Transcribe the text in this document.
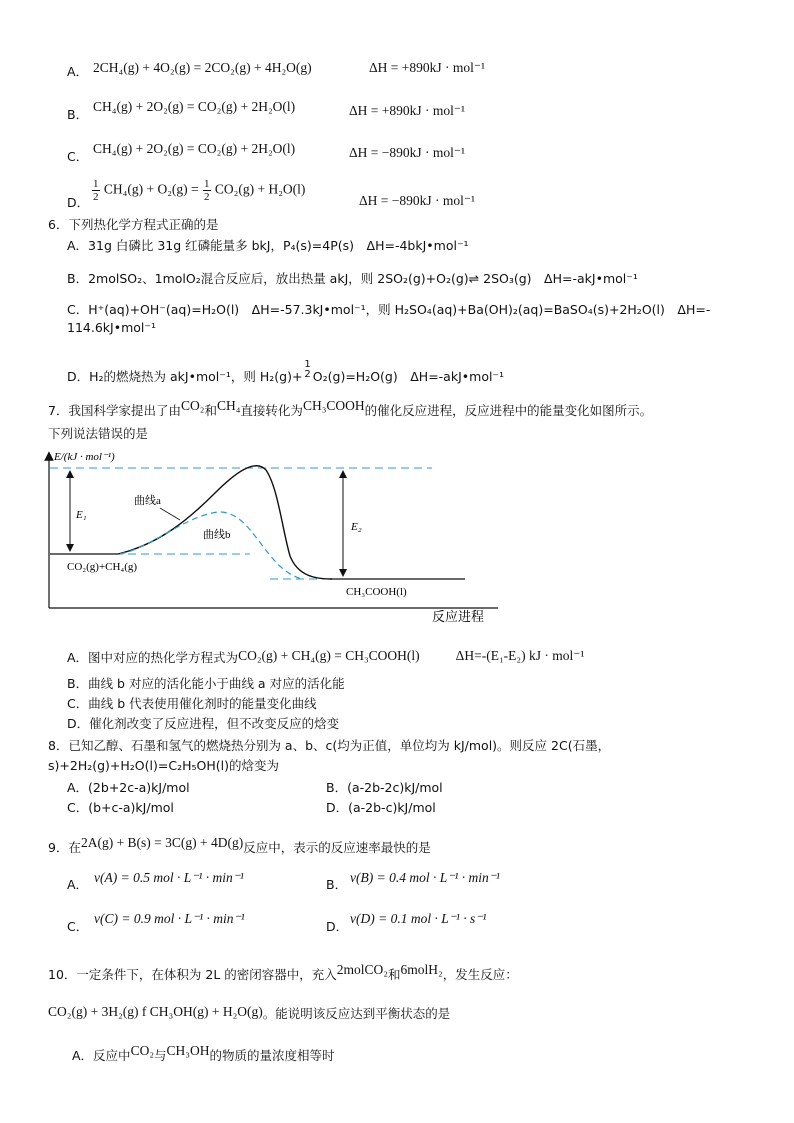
A． 2CH₄(g) + 4O₂(g) = 2CO₂(g) + 4H₂O(g)	ΔH = +890kJ · mol⁻¹
B．
CH₄(g) + 2O₂(g) = CO₂(g) + 2H₂O(l)	ΔH = +890kJ · mol⁻¹
C．
CH₄(g) + 2O₂(g) = CO₂(g) + 2H₂O(l)	ΔH = −890kJ · mol⁻¹
D． $\frac{1}{2} CH_4(g) + O_2(g) = \frac{1}{2} CO_2(g) + H_2O(l)$
ΔH = −890kJ · mol⁻¹
6．下列热化学方程式正确的是
A．31g 白磷比 31g 红磷能量多 bkJ，P₄(s)=4P(s)　ΔH=-4bkJ•mol⁻¹
B．2molSO₂、1molO₂混合反应后，放出热量 akJ，则 2SO₂(g)+O₂(g)⇌ 2SO₃(g)　ΔH=-akJ•mol⁻¹
C．H⁺(aq)+OH⁻(aq)=H₂O(l)　ΔH=-57.3kJ•mol⁻¹，则 H₂SO₄(aq)+Ba(OH)₂(aq)=BaSO₄(s)+2H₂O(l)　ΔH=-
114.6kJ•mol⁻¹
D．H₂的燃烧热为 akJ•mol⁻¹，则 H₂(g)+
1
2 O₂(g)=H₂O(g)　ΔH=-akJ•mol⁻¹
7．我国科学家提出了由CO₂和CH₄直接转化为CH₃COOH的催化反应进程，反应进程中的能量变化如图所示。
下列说法错误的是
E/(kJ · mol⁻¹)
反应进程
E₁
E₂
曲线a
曲线b
CO₂(g)+CH₄(g)
CH₃COOH(l)
A．图中对应的热化学方程式为CO₂(g) + CH₄(g) = CH₃COOH(l)	ΔH=-(E₁-E₂) kJ · mol⁻¹
B．曲线 b 对应的活化能小于曲线 a 对应的活化能
C．曲线 b 代表使用催化剂时的能量变化曲线
D．催化剂改变了反应进程，但不改变反应的焓变
8．已知乙醇、石墨和氢气的燃烧热分别为 a、b、c(均为正值，单位均为 kJ/mol)。则反应 2C(石墨，
s)+2H₂(g)+H₂O(l)=C₂H₅OH(l)的焓变为
A．(2b+2c-a)kJ/mol	B．(a-2b-2c)kJ/mol
C．(b+c-a)kJ/mol	D．(a-2b-c)kJ/mol
9．在2A(g) + B(s) = 3C(g) + 4D(g)反应中，表示的反应速率最快的是
A． v(A) = 0.5 mol · L⁻¹ · min⁻¹	B． v(B) = 0.4 mol · L⁻¹ · min⁻¹
C．
v(C) = 0.9 mol · L⁻¹ · min⁻¹
D．
v(D) = 0.1 mol · L⁻¹ · s⁻¹
10．一定条件下，在体积为 2L 的密闭容器中，充入2molCO₂和6molH₂，发生反应：
CO₂(g) + 3H₂(g) f CH₃OH(g) + H₂O(g)。能说明该反应达到平衡状态的是
A．反应中CO₂与CH₃OH的物质的量浓度相等时
